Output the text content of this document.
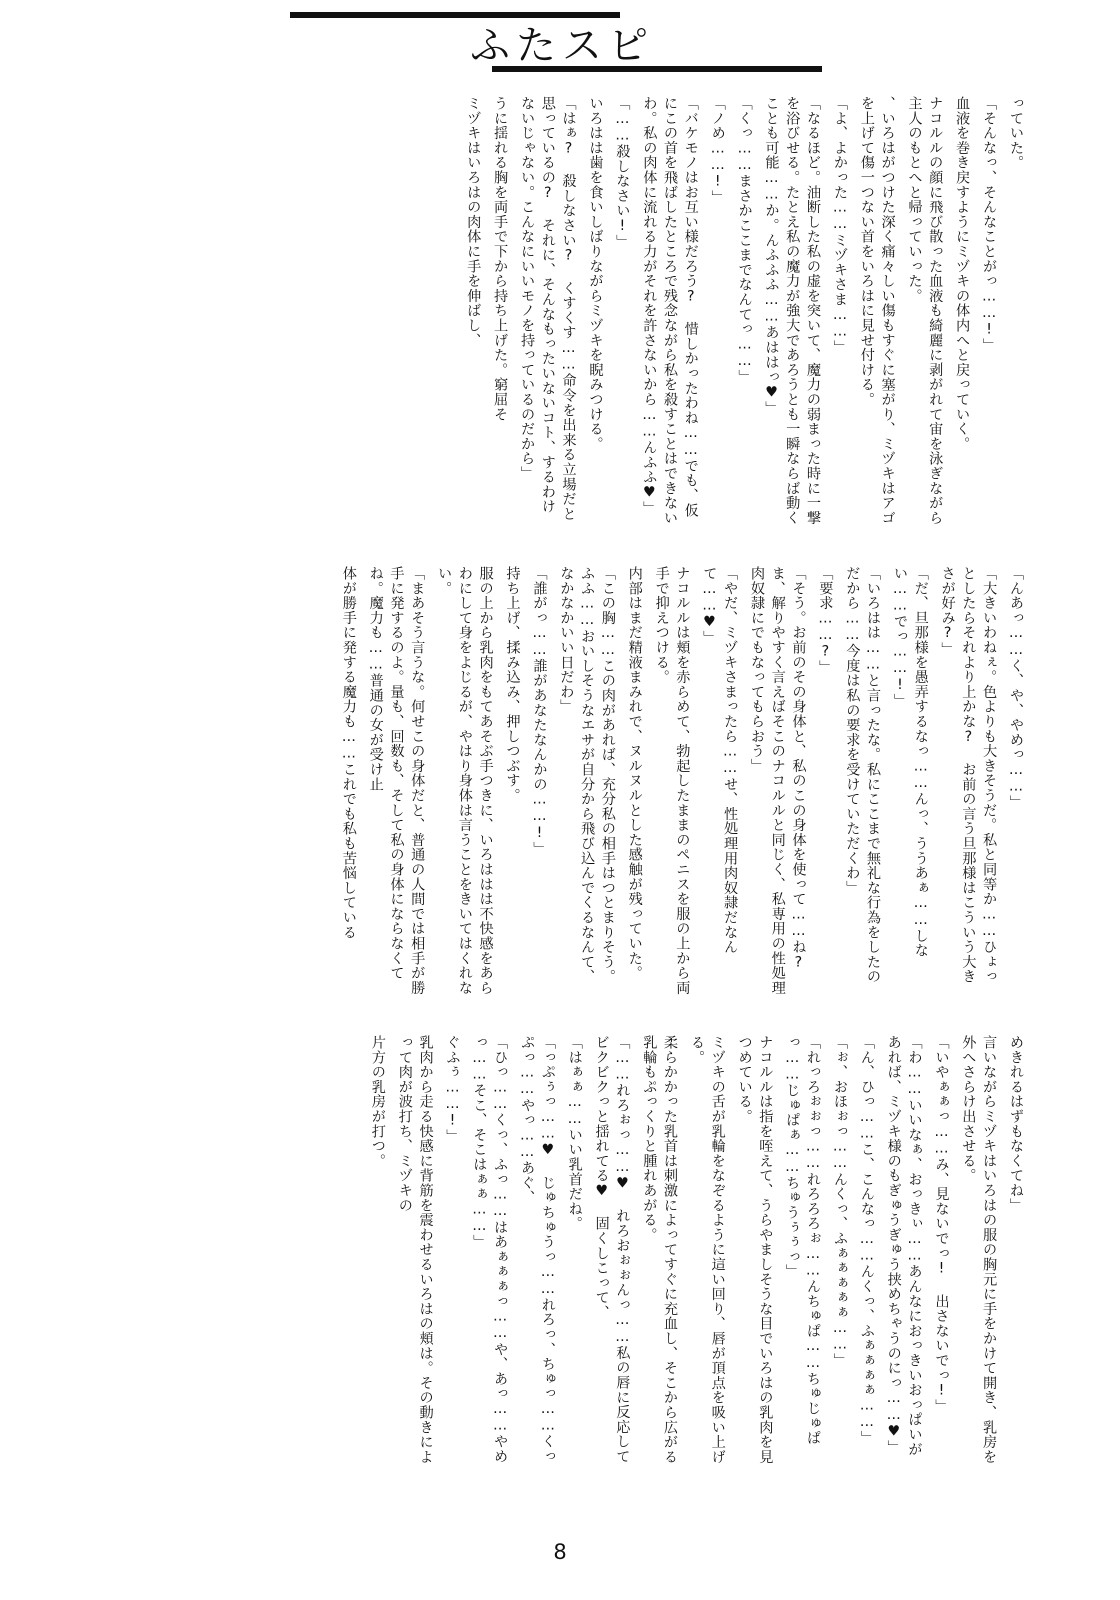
ふたスピ
っていた。
「そんなっ、そんなことがっ……!」
血液を巻き戻すようにミヅキの体内へと戻っていく。
ナコルルの顔に飛び散った血液も綺麗に剥がれて宙を泳ぎながら主人のもとへと帰っていった。
、いろはがつけた深く痛々しい傷もすぐに塞がり、ミヅキはアゴを上げて傷一つない首をいろはに見せ付ける。
「よ、よかった……ミヅキさま……」
「なるほど。油断した私の虚を突いて、魔力の弱まった時に一撃を浴びせる。たとえ私の魔力が強大であろうとも一瞬ならば動くことも可能……か。んふふふ……あははっ♥」
「くっ……まさかここまでなんてっ……」
「ノめ……!」
「バケモノはお互い様だろう? 惜しかったわね……でも、仮にこの首を飛ばしたところで残念ながら私を殺すことはできないわ。私の肉体に流れる力がそれを許さないから……んふふ♥」
「……殺しなさい!」
いろはは歯を食いしばりながらミヅキを睨みつける。
「はぁ? 殺しなさい? くすくす……命令を出来る立場だと思っているの? それに、そんなもったいないコト、するわけないじゃない。こんなにいいモノを持っているのだから」
うに揺れる胸を両手で下から持ち上げた。窮屈そ
ミヅキはいろはの肉体に手を伸ばし、
「んあっ……く、や、やめっ……」
「大きいわねぇ。色よりも大きそうだ。私と同等か……ひょっとしたらそれより上かな? お前の言う旦那様はこういう大きさが好み?」
「だ、旦那様を愚弄するなっ……んっ、ううあぁ……しない……でっ……!」
「いろはは……と言ったな。私にここまで無礼な行為をしたのだから……今度は私の要求を受けていただくわ」
「要求……?」
「そう。お前のその身体と、私のこの身体を使って……ね? ま、解りやすく言えばそこのナコルルと同じく、私専用の性処理肉奴隷にでもなってもらおう」
「やだ、ミヅキさまったら……せ、性処理用肉奴隷だなんて……♥」
ナコルルは頬を赤らめて、勃起したままのペニスを服の上から両手で抑えつける。
内部はまだ精液まみれで、ヌルヌルとした感触が残っていた。
「この胸……この肉があれば、充分私の相手はつとまりそう。ふふ……おいしそうなエサが自分から飛び込んでくるなんて、なかなかいい日だわ」
「誰がっ……誰があなたなんかの……!」
持ち上げ、揉み込み、押しつぶす。
服の上から乳肉をもてあそぶ手つきに、いろははは不快感をあらわにして身をよじるが、やはり身体は言うことをきいてはくれない。
「まあそう言うな。何せこの身体だと、普通の人間では相手が勝手に発するのよ。量も、回数も、そして私の身体にならなくてね。魔力も……普通の女が受け止
体が勝手に発する魔力も……これでも私も苦悩している
めきれるはずもなくてね」
言いながらミヅキはいろはの服の胸元に手をかけて開き、乳房を外へさらけ出させる。
「いやぁぁっ……み、見ないでっ! 出さないでっ!」
「わ……いいなぁ、おっきぃ……あんなにおっきいおっぱいがあれば、ミヅキ様のもぎゅうぎゅう挟めちゃうのにっ……♥」
「ん、ひっ……こ、こんなっ……んくっ、ふぁぁぁぁ……」
「ぉ、おほぉっ……んくっ、ふぁぁぁぁぁ……」
「れっろぉぉっ……れろろろぉ……んちゅぱ……ちゅじゅぱっ……じゅぱぁ……ちゅうぅぅっ」
ナコルルは指を咥えて、うらやましそうな目でいろはの乳肉を見つめている。
ミヅキの舌が乳輪をなぞるように這い回り、唇が頂点を吸い上げる。
柔らかかった乳首は刺激によってすぐに充血し、そこから広がる乳輪もぷっくりと腫れあがる。
「……れろぉっ……♥ れろおぉぉんっ……私の唇に反応してビクビクっと揺れてる♥ 固くしこって、
「はぁぁ……いい乳首だね。
「っぷぅっ……♥ じゅちゅうっ……れろっ、ちゅっ……くっぷっ……やっ……あぐ、
「ひっ……くっ、ふっ……はあぁぁぁっ……や、あっ……やめっ……そこ、そこはぁぁ……」
ぐふぅ……!」
乳肉から走る快感に背筋を震わせるいろはの頬は。その動きによって肉が波打ち、ミヅキの
片方の乳房が打つ。
8
